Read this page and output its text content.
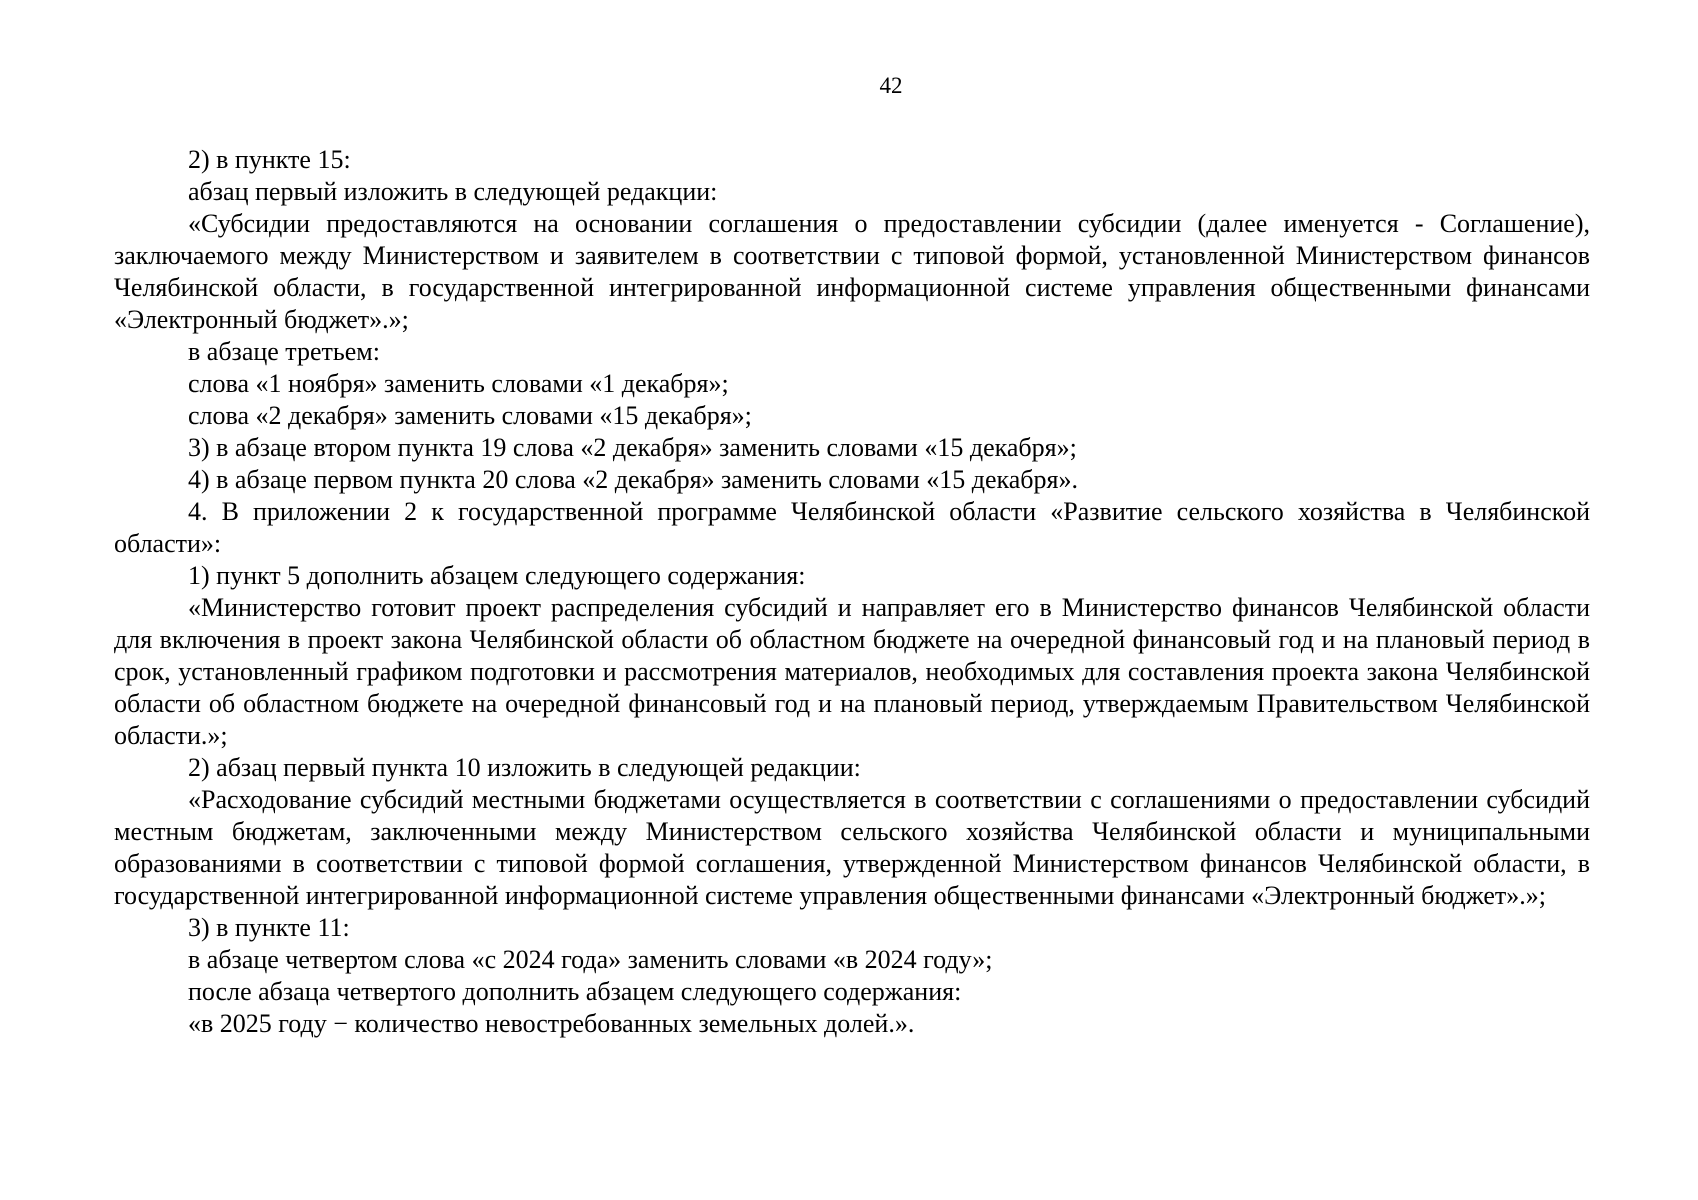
42

2) в пункте 15:

абзац первый изложить в следующей редакции:

«Субсидии предоставляются на основании соглашения о предоставлении субсидии (далее именуется - Соглашение), заключаемого между Министерством и заявителем в соответствии с типовой формой, установленной Министерством финансов Челябинской области, в государственной интегрированной информационной системе управления общественными финансами «Электронный бюджет».»;

в абзаце третьем:

слова «1 ноября» заменить словами «1 декабря»;

слова «2 декабря» заменить словами «15 декабря»;

3) в абзаце втором пункта 19 слова «2 декабря» заменить словами «15 декабря»;

4) в абзаце первом пункта 20 слова «2 декабря» заменить словами «15 декабря».

4. В приложении 2 к государственной программе Челябинской области «Развитие сельского хозяйства в Челябинской области»:

1) пункт 5 дополнить абзацем следующего содержания:

«Министерство готовит проект распределения субсидий и направляет его в Министерство финансов Челябинской области для включения в проект закона Челябинской области об областном бюджете на очередной финансовый год и на плановый период в срок, установленный графиком подготовки и рассмотрения материалов, необходимых для составления проекта закона Челябинской области об областном бюджете на очередной финансовый год и на плановый период, утверждаемым Правительством Челябинской области.»;

2) абзац первый пункта 10 изложить в следующей редакции:

«Расходование субсидий местными бюджетами осуществляется в соответствии с соглашениями о предоставлении субсидий местным бюджетам, заключенными между Министерством сельского хозяйства Челябинской области и муниципальными образованиями в соответствии с типовой формой соглашения, утвержденной Министерством финансов Челябинской области, в государственной интегрированной информационной системе управления общественными финансами «Электронный бюджет».»;

3) в пункте 11:

в абзаце четвертом слова «с 2024 года» заменить словами «в 2024 году»;

после абзаца четвертого дополнить абзацем следующего содержания:

«в 2025 году − количество невостребованных земельных долей.».
